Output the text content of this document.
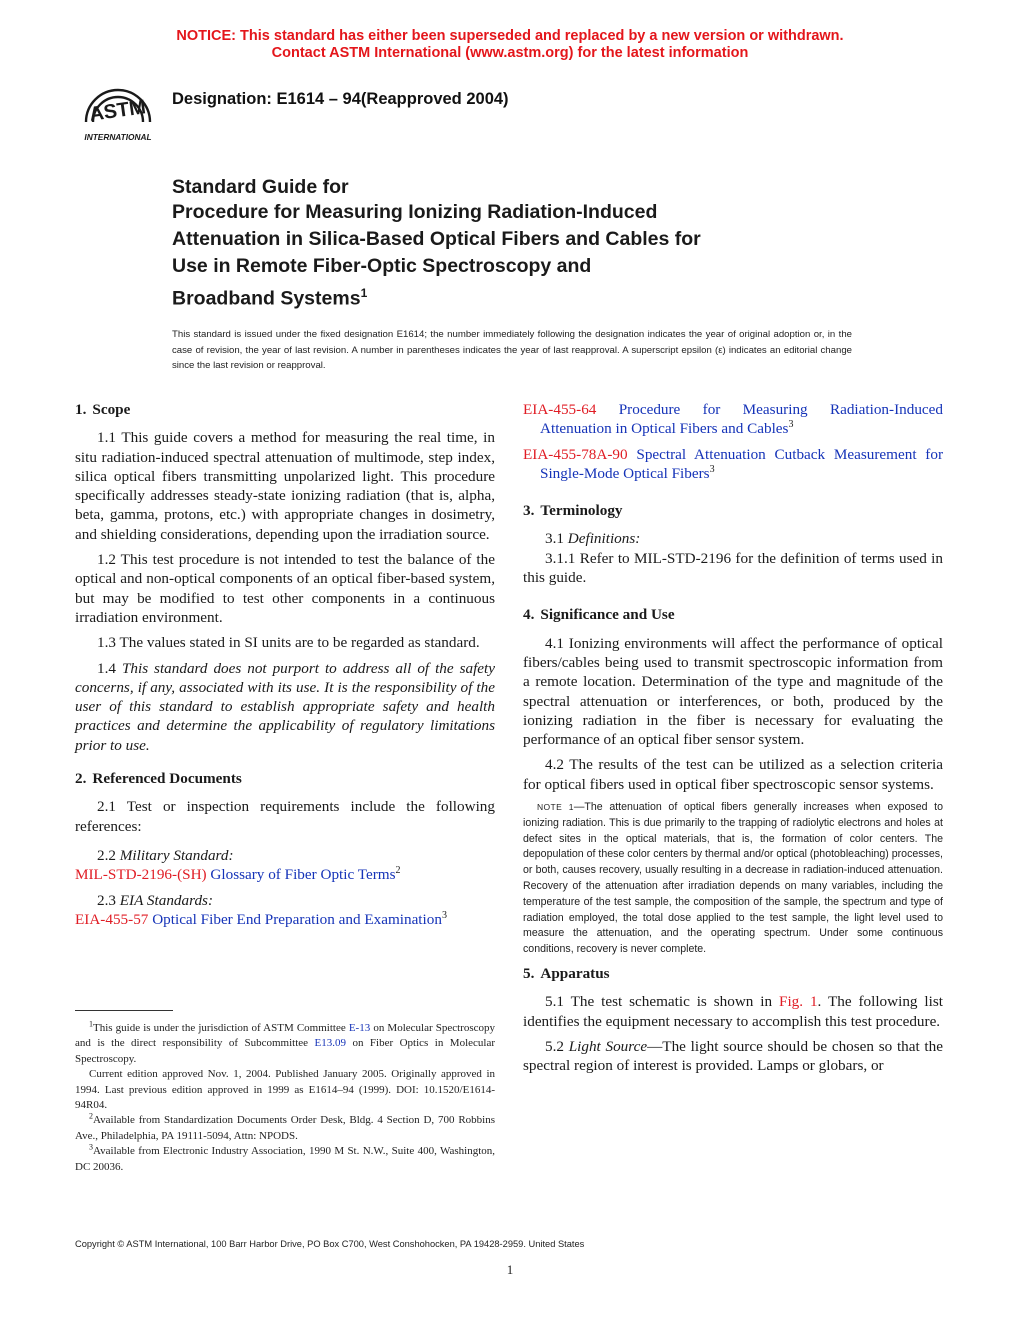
NOTICE: This standard has either been superseded and replaced by a new version or withdrawn.
Contact ASTM International (www.astm.org) for the latest information
ASTM
INTERNATIONAL
Designation: E1614 – 94(Reapproved 2004)
Standard Guide for
Procedure for Measuring Ionizing Radiation-Induced
Attenuation in Silica-Based Optical Fibers and Cables for
Use in Remote Fiber-Optic Spectroscopy and
Broadband Systems$^1$
This standard is issued under the fixed designation E1614; the number immediately following the designation indicates the year of original adoption or, in the case of revision, the year of last revision. A number in parentheses indicates the year of last reapproval. A superscript epsilon (ε) indicates an editorial change since the last revision or reapproval.
1. Scope

1.1 This guide covers a method for measuring the real time, in situ radiation-induced spectral attenuation of multimode, step index, silica optical fibers transmitting unpolarized light. This procedure specifically addresses steady-state ionizing radiation (that is, alpha, beta, gamma, protons, etc.) with appropriate changes in dosimetry, and shielding considerations, depending upon the irradiation source.

1.2 This test procedure is not intended to test the balance of the optical and non-optical components of an optical fiber-based system, but may be modified to test other components in a continuous irradiation environment.

1.3 The values stated in SI units are to be regarded as standard.

1.4 This standard does not purport to address all of the safety concerns, if any, associated with its use. It is the responsibility of the user of this standard to establish appropriate safety and health practices and determine the applicability of regulatory limitations prior to use.

2. Referenced Documents

2.1 Test or inspection requirements include the following references:

2.2 Military Standard:

MIL-STD-2196-(SH) Glossary of Fiber Optic Terms$^2$

2.3 EIA Standards:

EIA-455-57 Optical Fiber End Preparation and Examination$^3$

$^1$This guide is under the jurisdiction of ASTM Committee E-13 on Molecular Spectroscopy and is the direct responsibility of Subcommittee E13.09 on Fiber Optics in Molecular Spectroscopy.

Current edition approved Nov. 1, 2004. Published January 2005. Originally approved in 1994. Last previous edition approved in 1999 as E1614–94 (1999). DOI: 10.1520/E1614-94R04.

$^2$Available from Standardization Documents Order Desk, Bldg. 4 Section D, 700 Robbins Ave., Philadelphia, PA 19111-5094, Attn: NPODS.

$^3$Available from Electronic Industry Association, 1990 M St. N.W., Suite 400, Washington, DC 20036.

EIA-455-64 Procedure for Measuring Radiation-Induced Attenuation in Optical Fibers and Cables$^3$

EIA-455-78A-90 Spectral Attenuation Cutback Measurement for Single-Mode Optical Fibers$^3$

3. Terminology

3.1 Definitions:

3.1.1 Refer to MIL-STD-2196 for the definition of terms used in this guide.

4. Significance and Use

4.1 Ionizing environments will affect the performance of optical fibers/cables being used to transmit spectroscopic information from a remote location. Determination of the type and magnitude of the spectral attenuation or interferences, or both, produced by the ionizing radiation in the fiber is necessary for evaluating the performance of an optical fiber sensor system.

4.2 The results of the test can be utilized as a selection criteria for optical fibers used in optical fiber spectroscopic sensor systems.

NOTE 1—The attenuation of optical fibers generally increases when exposed to ionizing radiation. This is due primarily to the trapping of radiolytic electrons and holes at defect sites in the optical materials, that is, the formation of color centers. The depopulation of these color centers by thermal and/or optical (photobleaching) processes, or both, causes recovery, usually resulting in a decrease in radiation-induced attenuation. Recovery of the attenuation after irradiation depends on many variables, including the temperature of the test sample, the composition of the sample, the spectrum and type of radiation employed, the total dose applied to the test sample, the light level used to measure the attenuation, and the operating spectrum. Under some continuous conditions, recovery is never complete.

5. Apparatus

5.1 The test schematic is shown in Fig. 1. The following list identifies the equipment necessary to accomplish this test procedure.

5.2 Light Source—The light source should be chosen so that the spectral region of interest is provided. Lamps or globars, or

Copyright © ASTM International, 100 Barr Harbor Drive, PO Box C700, West Conshohocken, PA 19428-2959. United States
1
